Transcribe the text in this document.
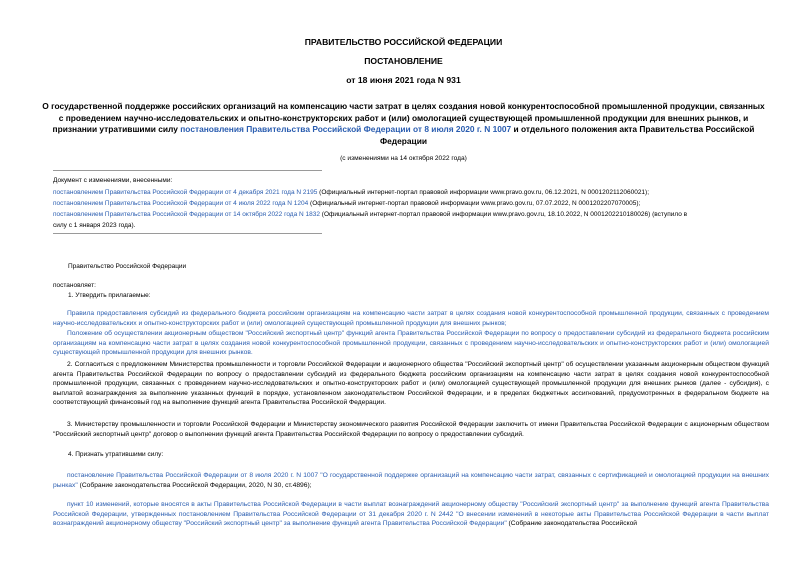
ПРАВИТЕЛЬСТВО РОССИЙСКОЙ ФЕДЕРАЦИИ
ПОСТАНОВЛЕНИЕ
от 18 июня 2021 года N 931
О государственной поддержке российских организаций на компенсацию части затрат в целях создания новой конкурентоспособной промышленной продукции, связанных с проведением научно-исследовательских и опытно-конструкторских работ и (или) омологацией существующей промышленной продукции для внешних рынков, и признании утратившими силу постановления Правительства Российской Федерации от 8 июля 2020 г. N 1007 и отдельного положения акта Правительства Российской Федерации
(с изменениями на 14 октября 2022 года)
Документ с изменениями, внесенными:
постановлением Правительства Российской Федерации от 4 декабря 2021 года N 2195 (Официальный интернет-портал правовой информации www.pravo.gov.ru, 06.12.2021, N 0001202112060021);
постановлением Правительства Российской Федерации от 4 июля 2022 года N 1204 (Официальный интернет-портал правовой информации www.pravo.gov.ru, 07.07.2022, N 0001202207070005);
постановлением Правительства Российской Федерации от 14 октября 2022 года N 1832 (Официальный интернет-портал правовой информации www.pravo.gov.ru, 18.10.2022, N 0001202210180026) (вступило в
силу с 1 января 2023 года).
Правительство Российской Федерации
постановляет:
1. Утвердить прилагаемые:
Правила предоставления субсидий из федерального бюджета российским организациям на компенсацию части затрат в целях создания новой конкурентоспособной промышленной продукции, связанных с проведением научно-исследовательских и опытно-конструкторских работ и (или) омологацией существующей промышленной продукции для внешних рынков;
Положение об осуществлении акционерным обществом "Российский экспортный центр" функций агента Правительства Российской Федерации по вопросу о предоставлении субсидий из федерального бюджета российским организациям на компенсацию части затрат в целях создания новой конкурентоспособной промышленной продукции, связанных с проведением научно-исследовательских и опытно-конструкторских работ и (или) омологацией существующей промышленной продукции для внешних рынков.
2. Согласиться с предложением Министерства промышленности и торговли Российской Федерации и акционерного общества "Российский экспортный центр" об осуществлении указанным акционерным обществом функций агента Правительства Российской Федерации по вопросу о предоставлении субсидий из федерального бюджета российским организациям на компенсацию части затрат в целях создания новой конкурентоспособной промышленной продукции, связанных с проведением научно-исследовательских и опытно-конструкторских работ и (или) омологацией существующей промышленной продукции для внешних рынков (далее - субсидия), с выплатой вознаграждения за выполнение указанных функций в порядке, установленном законодательством Российской Федерации, и в пределах бюджетных ассигнований, предусмотренных в федеральном бюджете на соответствующий финансовый год на выполнение функций агента Правительства Российской Федерации.
3. Министерству промышленности и торговли Российской Федерации и Министерству экономического развития Российской Федерации заключить от имени Правительства Российской Федерации с акционерным обществом "Российский экспортный центр" договор о выполнении функций агента Правительства Российской Федерации по вопросу о предоставлении субсидий.
4. Признать утратившими силу:
постановление Правительства Российской Федерации от 8 июля 2020 г. N 1007 "О государственной поддержке организаций на компенсацию части затрат, связанных с сертификацией и омологацией продукции на внешних рынках" (Собрание законодательства Российской Федерации, 2020, N 30, ст.4896);
пункт 10 изменений, которые вносятся в акты Правительства Российской Федерации в части выплат вознаграждений акционерному обществу "Российский экспортный центр" за выполнение функций агента Правительства Российской Федерации, утвержденных постановлением Правительства Российской Федерации от 31 декабря 2020 г. N 2442 "О внесении изменений в некоторые акты Правительства Российской Федерации в части выплат вознаграждений акционерному обществу "Российский экспортный центр" за выполнение функций агента Правительства Российской Федерации" (Собрание законодательства Российской
